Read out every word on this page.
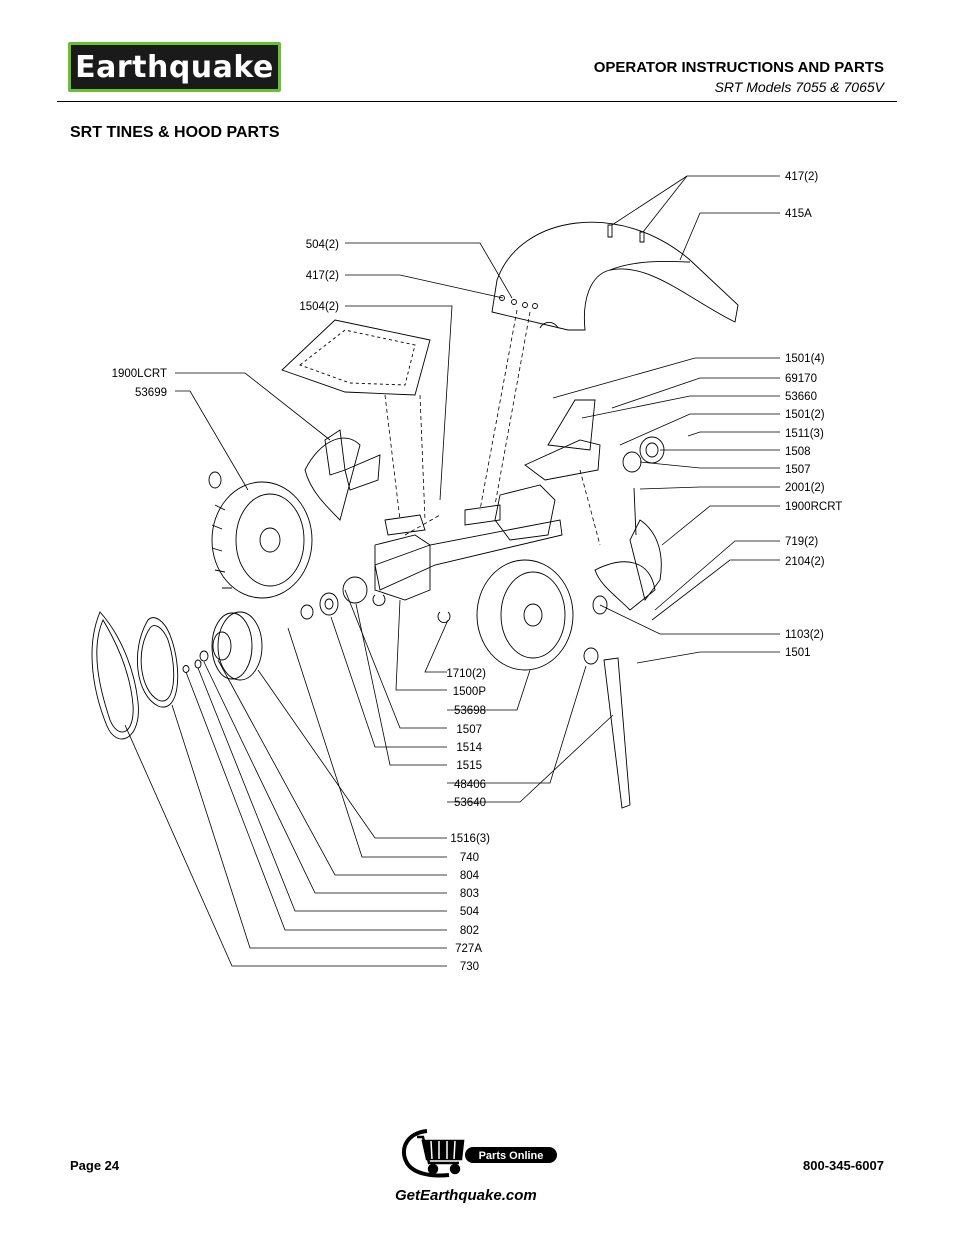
Earthquake	OPERATOR INSTRUCTIONS AND PARTS
SRT Models 7055 & 7065V
SRT TINES & HOOD PARTS
417(2)
415A
1501(4)
69170
53660
1501(2)
1511(3)
1508
1507
2001(2)
1900RCRT
719(2)
2104(2)
1103(2)
1501
504(2)
417(2)
1504(2)
1900LCRT
53699
1710(2)
1500P
53698
1507
1514
1515
48406
53640
1516(3)
740
804
803
504
802
727A
730
Page 24
Parts Online
GetEarthquake.com
800-345-6007
